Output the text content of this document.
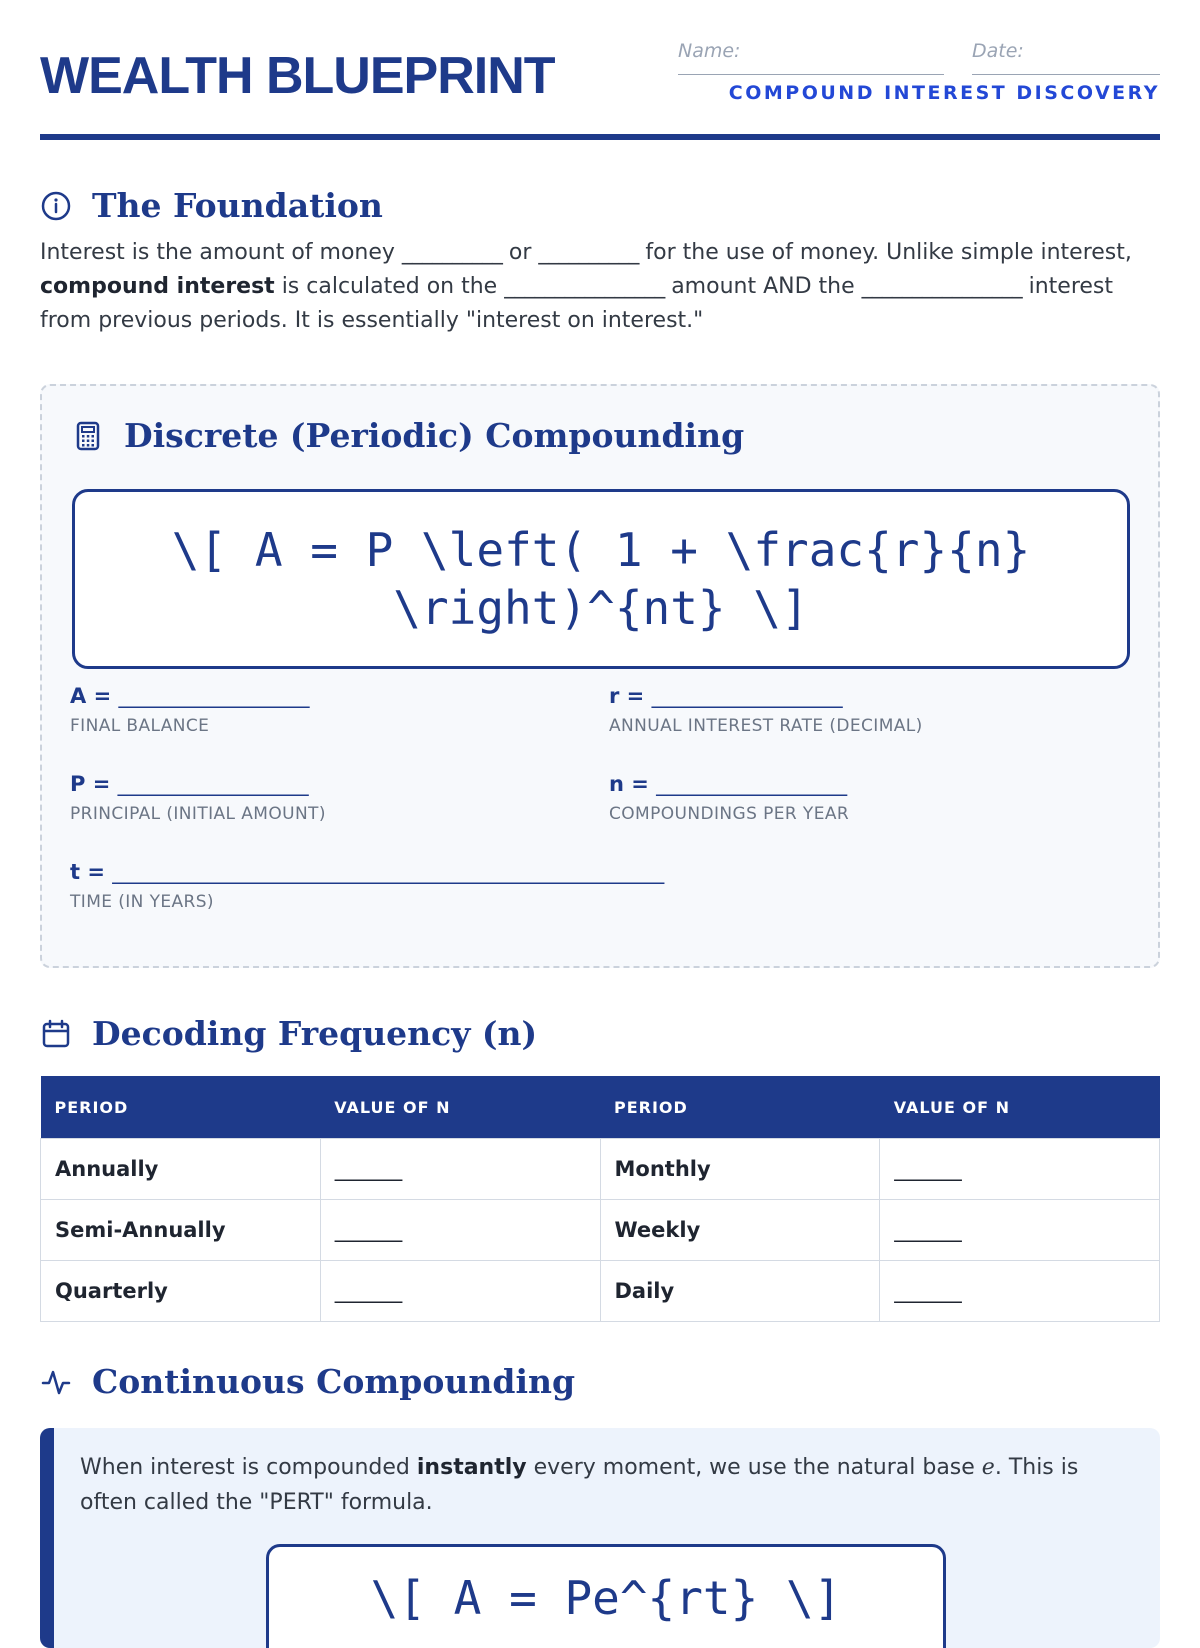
WEALTH BLUEPRINT	Name:	Date:
COMPOUND INTEREST DISCOVERY
The Foundation

Interest is the amount of money __________ or __________ for the use of money. Unlike simple interest, compound interest is calculated on the ________________ amount AND the ________________ interest from previous periods. It is essentially "interest on interest."

Discrete (Periodic) Compounding
\[ A = P \left( 1 + \frac{r}{n} \right)^{nt} \]
A = ____________________
FINAL BALANCE
r = ____________________
ANNUAL INTEREST RATE (DECIMAL)
P = ____________________
PRINCIPAL (INITIAL AMOUNT)
n = ____________________
COMPOUNDINGS PER YEAR
t = __________________________________________________________
TIME (IN YEARS)
Decoding Frequency (n)
PERIOD	VALUE OF N	PERIOD	VALUE OF N
Annually	_______	Monthly	_______
Semi-Annually	_______	Weekly	_______
Quarterly	_______	Daily	_______
Continuous Compounding

When interest is compounded instantly every moment, we use the natural base e. This is often called the "PERT" formula.

\[ A = Pe^{rt} \]
